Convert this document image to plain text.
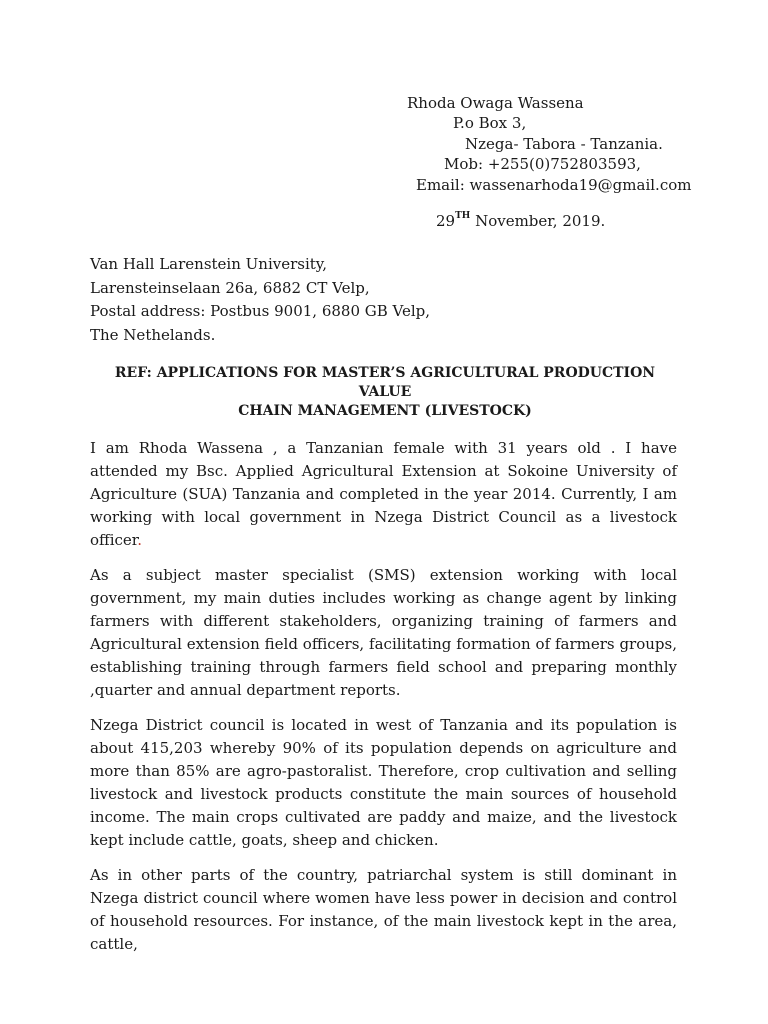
Rhoda Owaga Wassena
P.o Box 3,
Nzega- Tabora - Tanzania.
Mob: +255(0)752803593,
Email: wassenarhoda19@gmail.com
29TH November, 2019.
Van Hall Larenstein University,
Larensteinselaan 26a, 6882 CT Velp,
Postal address: Postbus 9001, 6880 GB Velp,
The Nethelands.
REF: APPLICATIONS FOR MASTER’S AGRICULTURAL PRODUCTION VALUE
CHAIN MANAGEMENT (LIVESTOCK)

I am Rhoda Wassena , a Tanzanian female with 31 years old . I have attended my Bsc. Applied Agricultural Extension at Sokoine University of Agriculture (SUA) Tanzania and completed in the year 2014. Currently, I am working with local government in Nzega District Council as a livestock officer.

As a subject master specialist (SMS) extension working with local government, my main duties includes working as change agent by linking farmers with different stakeholders, organizing training of farmers and Agricultural extension field officers, facilitating formation of farmers groups, establishing training through farmers field school and preparing monthly ,quarter and annual department reports.

Nzega District council is located in west of Tanzania and its population is about 415,203 whereby 90% of its population depends on agriculture and more than 85% are agro-pastoralist. Therefore, crop cultivation and selling livestock and livestock products constitute the main sources of household income. The main crops cultivated are paddy and maize, and the livestock kept include cattle, goats, sheep and chicken.

As in other parts of the country, patriarchal system is still dominant in Nzega district council where women have less power in decision and control of household resources. For instance, of the main livestock kept in the area, cattle,
